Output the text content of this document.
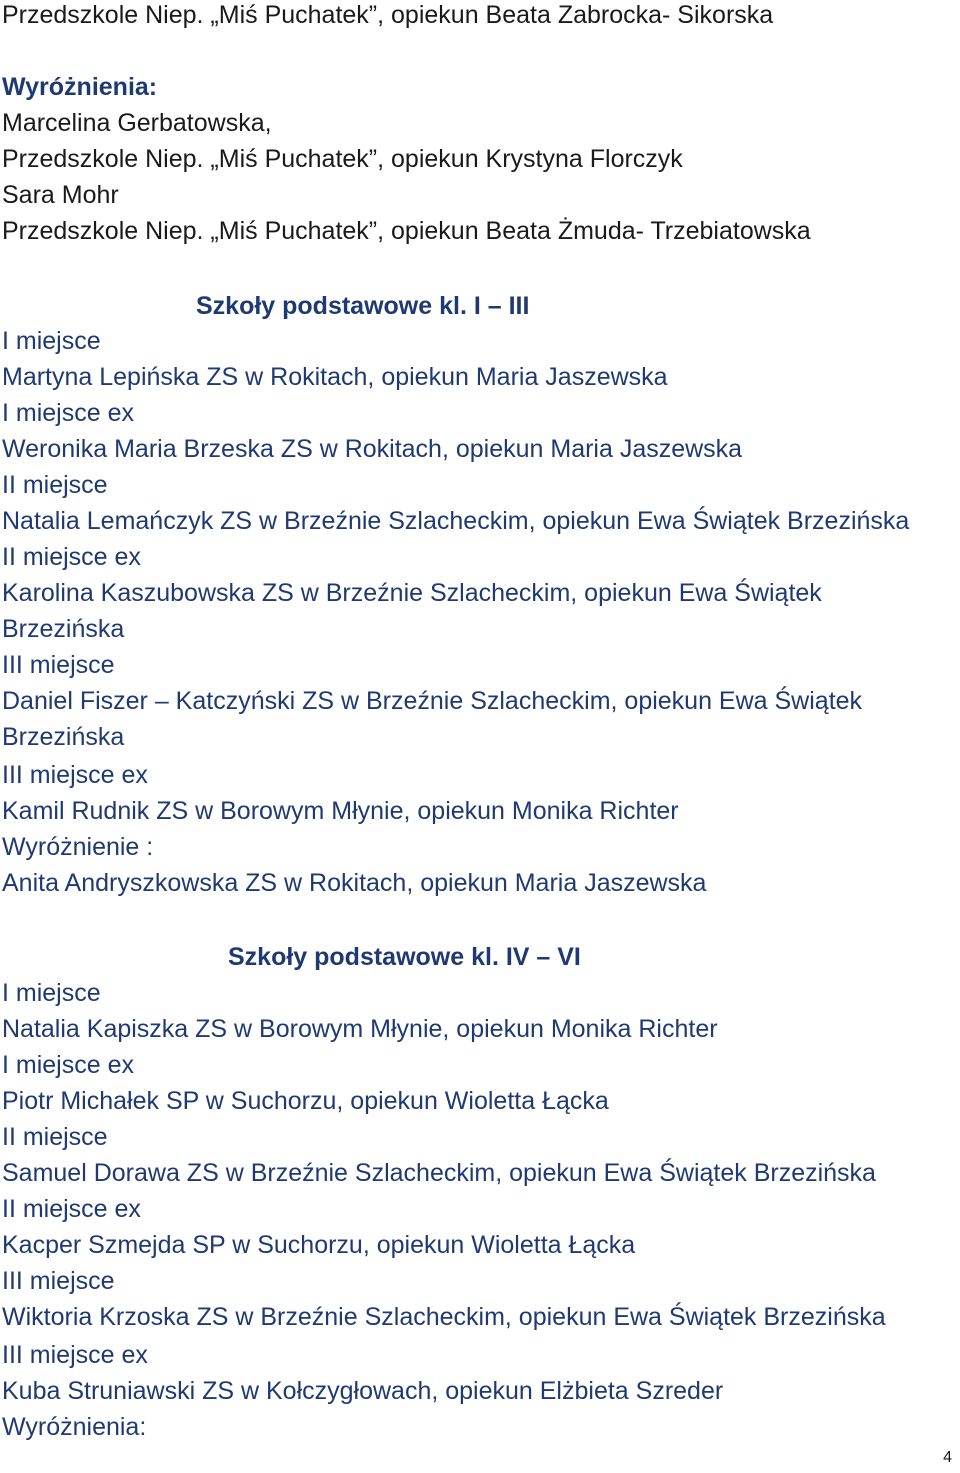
Przedszkole Niep. „Miś Puchatek”, opiekun Beata Zabrocka- Sikorska
Wyróżnienia:
Marcelina Gerbatowska,
Przedszkole Niep. „Miś Puchatek”, opiekun Krystyna Florczyk
Sara Mohr
Przedszkole Niep. „Miś Puchatek”, opiekun Beata Żmuda- Trzebiatowska
Szkoły podstawowe kl. I – III
I miejsce
Martyna Lepińska ZS w Rokitach, opiekun Maria Jaszewska
I miejsce ex
Weronika Maria Brzeska ZS w Rokitach, opiekun Maria Jaszewska
II miejsce
Natalia Lemańczyk ZS w Brzeźnie Szlacheckim, opiekun Ewa Świątek Brzezińska
II miejsce ex
Karolina Kaszubowska ZS w Brzeźnie Szlacheckim, opiekun Ewa Świątek
Brzezińska
III miejsce
Daniel Fiszer – Katczyński ZS w Brzeźnie Szlacheckim, opiekun Ewa Świątek
Brzezińska
III miejsce ex
Kamil Rudnik ZS w Borowym Młynie, opiekun Monika Richter
Wyróżnienie :
Anita Andryszkowska ZS w Rokitach, opiekun Maria Jaszewska
Szkoły podstawowe kl. IV – VI
I miejsce
Natalia Kapiszka ZS w Borowym Młynie, opiekun Monika Richter
I miejsce ex
Piotr Michałek SP w Suchorzu, opiekun Wioletta Łącka
II miejsce
Samuel Dorawa ZS w Brzeźnie Szlacheckim, opiekun Ewa Świątek Brzezińska
II miejsce ex
Kacper Szmejda SP w Suchorzu, opiekun Wioletta Łącka
III miejsce
Wiktoria Krzoska ZS w Brzeźnie Szlacheckim, opiekun Ewa Świątek Brzezińska
III miejsce ex
Kuba Struniawski ZS w Kołczygłowach, opiekun Elżbieta Szreder
Wyróżnienia:
4
